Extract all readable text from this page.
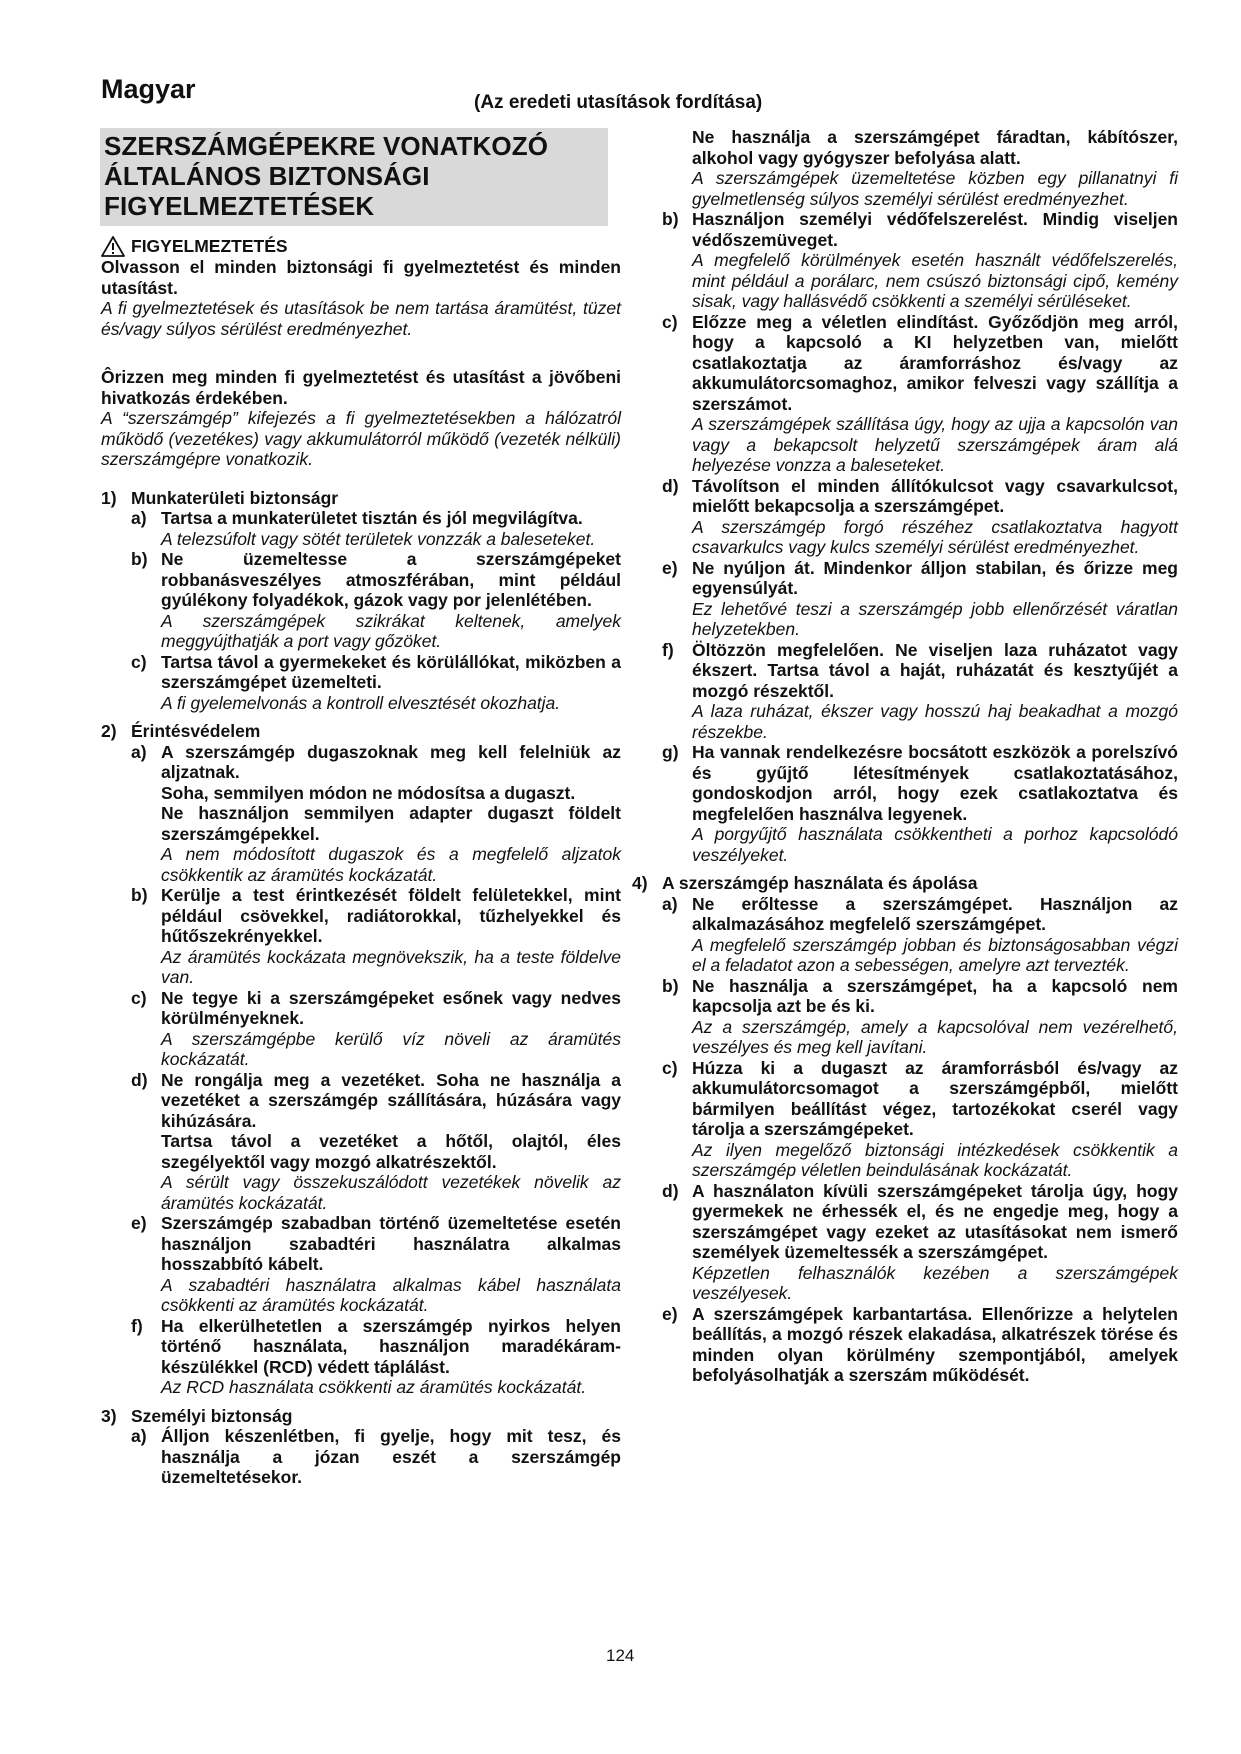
Magyar	(Az eredeti utasítások fordítása)
SZERSZÁMGÉPEKRE VONATKOZÓ
ÁLTALÁNOS BIZTONSÁGI
FIGYELMEZTETÉSEK
FIGYELMEZTETÉS
Olvasson el minden biztonsági fi gyelmeztetést és minden utasítást.
A fi gyelmeztetések és utasítások be nem tartása áramütést, tüzet és/vagy súlyos sérülést eredményezhet.
Ôrizzen meg minden fi gyelmeztetést és utasítást a jövőbeni hivatkozás érdekében.
A “szerszámgép” kifejezés a fi gyelmeztetésekben a hálózatról működő (vezetékes) vagy akkumulátorról működő (vezeték nélküli) szerszámgépre vonatkozik.
1) Munkaterületi biztonságr
a) Tartsa a munkaterületet tisztán és jól megvilágítva.
A telezsúfolt vagy sötét területek vonzzák a baleseteket.
b) Ne üzemeltesse a szerszámgépeket robbanásveszélyes atmoszférában, mint például gyúlékony folyadékok, gázok vagy por jelenlétében.
A szerszámgépek szikrákat keltenek, amelyek meggyújthatják a port vagy gőzöket.
c) Tartsa távol a gyermekeket és körülállókat, miközben a szerszámgépet üzemelteti.
A fi gyelemelvonás a kontroll elvesztését okozhatja.
2) Érintésvédelem
a) A szerszámgép dugaszoknak meg kell felelniük az aljzatnak.
Soha, semmilyen módon ne módosítsa a dugaszt.
Ne használjon semmilyen adapter dugaszt földelt szerszámgépekkel.
A nem módosított dugaszok és a megfelelő aljzatok csökkentik az áramütés kockázatát.
b) Kerülje a test érintkezését földelt felületekkel, mint például csövekkel, radiátorokkal, tűzhelyekkel és hűtőszekrényekkel.
Az áramütés kockázata megnövekszik, ha a teste földelve van.
c) Ne tegye ki a szerszámgépeket esőnek vagy nedves körülményeknek.
A szerszámgépbe kerülő víz növeli az áramütés kockázatát.
d) Ne rongálja meg a vezetéket. Soha ne használja a vezetéket a szerszámgép szállítására, húzására vagy kihúzására.
Tartsa távol a vezetéket a hőtől, olajtól, éles szegélyektől vagy mozgó alkatrészektől.
A sérült vagy összekuszálódott vezetékek növelik az áramütés kockázatát.
e) Szerszámgép szabadban történő üzemeltetése esetén használjon szabadtéri használatra alkalmas hosszabbító kábelt.
A szabadtéri használatra alkalmas kábel használata csökkenti az áramütés kockázatát.
f)	Ha elkerülhetetlen a szerszámgép nyirkos helyen történő használata, használjon maradékáram-készülékkel (RCD) védett táplálást.
Az RCD használata csökkenti az áramütés kockázatát.
3) Személyi biztonság
a) Álljon készenlétben, fi gyelje, hogy mit tesz, és használja a józan eszét a szerszámgép üzemeltetésekor.
Ne használja a szerszámgépet fáradtan, kábítószer, alkohol vagy gyógyszer befolyása alatt.
A szerszámgépek üzemeltetése közben egy pillanatnyi fi gyelmetlenség súlyos személyi sérülést eredményezhet.
b) Használjon személyi védőfelszerelést. Mindig viseljen védőszemüveget.
A megfelelő körülmények esetén használt védőfelszerelés, mint például a porálarc, nem csúszó biztonsági cipő, kemény sisak, vagy hallásvédő csökkenti a személyi sérüléseket.
c) Előzze meg a véletlen elindítást. Győződjön meg arról, hogy a kapcsoló a KI helyzetben van, mielőtt csatlakoztatja az áramforráshoz és/vagy az akkumulátorcsomaghoz, amikor felveszi vagy szállítja a szerszámot.
A szerszámgépek szállítása úgy, hogy az ujja a kapcsolón van vagy a bekapcsolt helyzetű szerszámgépek áram alá helyezése vonzza a baleseteket.
d) Távolítson el minden állítókulcsot vagy csavarkulcsot, mielőtt bekapcsolja a szerszámgépet.
A szerszámgép forgó részéhez csatlakoztatva hagyott csavarkulcs vagy kulcs személyi sérülést eredményezhet.
e) Ne nyúljon át. Mindenkor álljon stabilan, és őrizze meg egyensúlyát.
Ez lehetővé teszi a szerszámgép jobb ellenőrzését váratlan helyzetekben.
f)	Öltözzön megfelelően. Ne viseljen laza ruházatot vagy ékszert. Tartsa távol a haját, ruházatát és kesztyűjét a mozgó részektől.
A laza ruházat, ékszer vagy hosszú haj beakadhat a mozgó részekbe.
g) Ha vannak rendelkezésre bocsátott eszközök a porelszívó és gyűjtő létesítmények csatlakoztatásához, gondoskodjon arról, hogy ezek csatlakoztatva és megfelelően használva legyenek.
A porgyűjtő használata csökkentheti a porhoz kapcsolódó veszélyeket.
4) A szerszámgép használata és ápolása
a) Ne erőltesse a szerszámgépet. Használjon az alkalmazásához megfelelő szerszámgépet.
A megfelelő szerszámgép jobban és biztonságosabban végzi el a feladatot azon a sebességen, amelyre azt tervezték.
b) Ne használja a szerszámgépet, ha a kapcsoló nem kapcsolja azt be és ki.
Az a szerszámgép, amely a kapcsolóval nem vezérelhető, veszélyes és meg kell javítani.
c) Húzza ki a dugaszt az áramforrásból és/vagy az akkumulátorcsomagot a szerszámgépből, mielőtt bármilyen beállítást végez, tartozékokat cserél vagy tárolja a szerszámgépeket.
Az ilyen megelőző biztonsági intézkedések csökkentik a szerszámgép véletlen beindulásának kockázatát.
d) A használaton kívüli szerszámgépeket tárolja úgy, hogy gyermekek ne érhessék el, és ne engedje meg, hogy a szerszámgépet vagy ezeket az utasításokat nem ismerő személyek üzemeltessék a szerszámgépet.
Képzetlen felhasználók kezében a szerszámgépek veszélyesek.
e) A szerszámgépek karbantartása. Ellenőrizze a helytelen beállítás, a mozgó részek elakadása, alkatrészek törése és minden olyan körülmény szempontjából, amelyek befolyásolhatják a szerszám működését.
124
